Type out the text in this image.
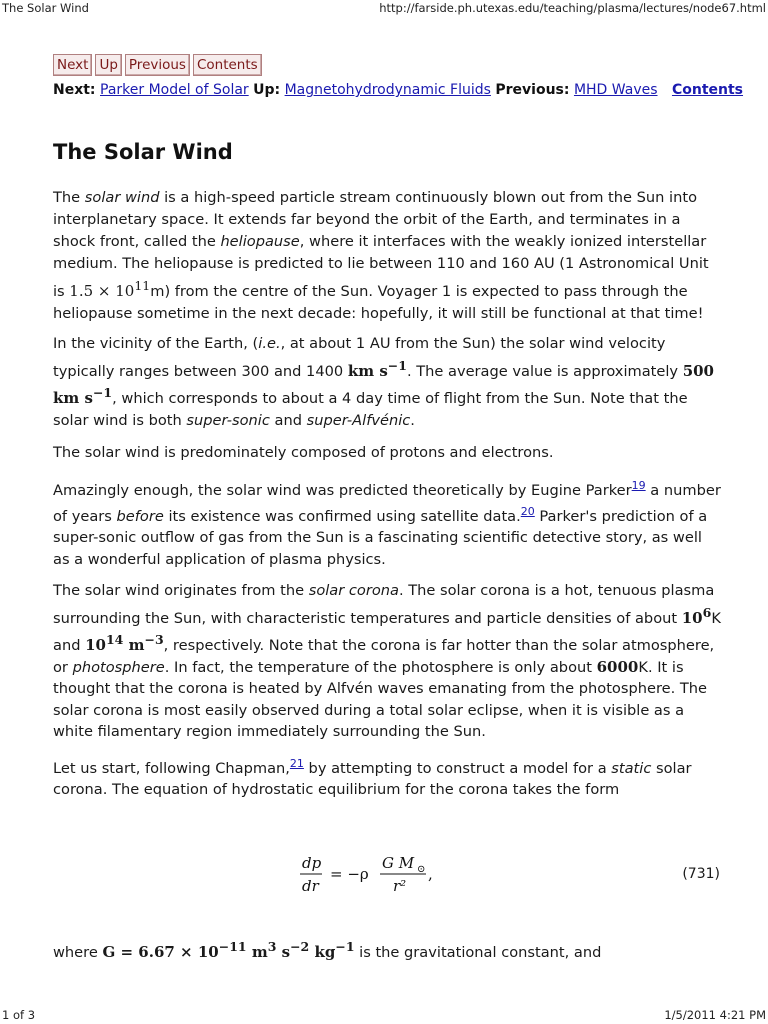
The Solar Wind	http://farside.ph.utexas.edu/teaching/plasma/lectures/node67.html
Next Up Previous Contents
Next: Parker Model of Solar Up: Magnetohydrodynamic Fluids Previous: MHD Waves Contents
The Solar Wind

The solar wind is a high-speed particle stream continuously blown out from the Sun into interplanetary space. It extends far beyond the orbit of the Earth, and terminates in a shock front, called the heliopause, where it interfaces with the weakly ionized interstellar medium. The heliopause is predicted to lie between 110 and 160 AU (1 Astronomical Unit is $1.5 \times 10^{11}m$) from the centre of the Sun. Voyager 1 is expected to pass through the heliopause sometime in the next decade: hopefully, it will still be functional at that time!

In the vicinity of the Earth, (i.e., at about 1 AU from the Sun) the solar wind velocity typically ranges between 300 and 1400 km $s^{-1}$. The average value is approximately 500 km $s^{-1}$, which corresponds to about a 4 day time of flight from the Sun. Note that the solar wind is both super-sonic and super-Alfvénic.

The solar wind is predominately composed of protons and electrons.

Amazingly enough, the solar wind was predicted theoretically by Eugine Parker$^{19}$ a number of years before its existence was confirmed using satellite data.$^{20}$ Parker's prediction of a super-sonic outflow of gas from the Sun is a fascinating scientific detective story, as well as a wonderful application of plasma physics.

The solar wind originates from the solar corona. The solar corona is a hot, tenuous plasma surrounding the Sun, with characteristic temperatures and particle densities of about $10^6K$ and $10^{14}$ $m^{-3}$, respectively. Note that the corona is far hotter than the solar atmosphere, or photosphere. In fact, the temperature of the photosphere is only about 6000K. It is thought that the corona is heated by Alfvén waves emanating from the photosphere. The solar corona is most easily observed during a total solar eclipse, when it is visible as a white filamentary region immediately surrounding the Sun.

Let us start, following Chapman,$^{21}$ by attempting to construct a model for a static solar corona. The equation of hydrostatic equilibrium for the corona takes the form

dp
dr
= −ρ
G M ⊙
r²
,	(731)

where $G = 6.67 \times 10^{-11}$ $m^3$ $s^{-2}$ $kg^{-1}$ is the gravitational constant, and

1 of 3	1/5/2011 4:21 PM
